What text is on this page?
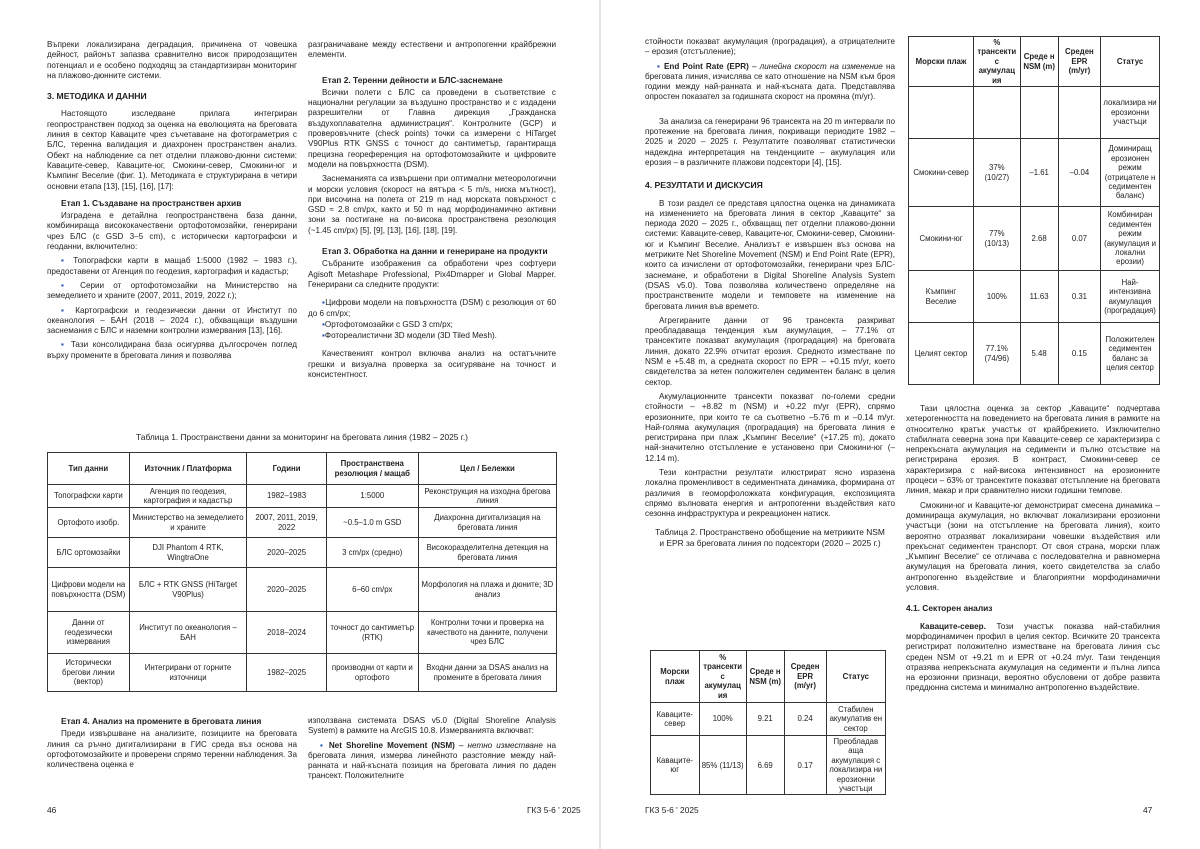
Въпреки локализирана деградация, причинена от човешка дейност, районът запазва сравнително висок природозащитен потенциал и е особено подходящ за стандартизиран мониторинг на плажово-дюнните системи.

3. МЕТОДИКА И ДАННИ

Настоящото изследване прилага интегриран геопространствен подход за оценка на еволюцията на бреговата линия в сектор Каваците чрез съчетаване на фотограметрия с БЛС, теренна валидация и диахронен пространствен анализ. Обект на наблюдение са пет отделни плажово-дюнни системи: Каваците-север, Каваците-юг, Смокини-север, Смокини-юг и Къмпинг Веселие (фиг. 1). Методиката е структурирана в четири основни етапа [13], [15], [16], [17]:

Етап 1. Създаване на пространствен архив

Изградена е детайлна геопространствена база данни, комбинираща висококачествени ортофотомозайки, генерирани чрез БЛС (с GSD 3–5 cm), с исторически картографски и геоданни, включително:

▪ Топографски карти в мащаб 1:5000 (1982 – 1983 г.), предоставени от Агенция по геодезия, картография и кадастър;

▪ Серии от ортофотомозайки на Министерство на земеделието и храните (2007, 2011, 2019, 2022 г.);

▪ Картографски и геодезически данни от Институт по океанология – БАН (2018 – 2024 г.), обхващащи въздушни заснемания с БЛС и наземни контролни измервания [13], [16].

▪ Тази консолидирана база осигурява дългосрочен поглед върху промените в бреговата линия и позволява

разграничаване между естествени и антропогенни крайбрежни елементи.

Етап 2. Теренни дейности и БЛС-заснемане

Всички полети с БЛС са проведени в съответствие с национални регулации за въздушно пространство и с издадени разрешителни от Главна дирекция „Гражданска въздухоплавателна администрация“. Контролните (GCP) и проверовъчните (check points) точки са измерени с HiTarget V90Plus RTK GNSS с точност до сантиметър, гарантираща прецизна геореференция на ортофотомозайките и цифровите модели на повърхността (DSM).

Заснеманията са извършени при оптимални метеорологични и морски условия (скорост на вятъра < 5 m/s, ниска мътност), при височина на полета от 219 m над морската повърхност с GSD ≈ 2.8 cm/px, както и 50 m над морфодинамично активни зони за постигане на по-висока пространствена резолюция (~1.45 cm/px) [5], [9], [13], [16], [18], [19].

Етап 3. Обработка на данни и генериране на продукти

Събраните изображения са обработени чрез софтуери Agisoft Metashape Professional, Pix4Dmapper и Global Mapper. Генерирани са следните продукти:

▪Цифрови модели на повърхността (DSM) с резолюция от 60 до 6 cm/px;

▪Ортофотомозайки с GSD 3 cm/px;

▪Фотореалистични 3D модели (3D Tiled Mesh).

Качественият контрол включва анализ на остатъчните грешки и визуална проверка за осигуряване на точност и консистентност.

Таблица 1. Пространствени данни за мониторинг на бреговата линия (1982 – 2025 г.)
Тип данни	Източник / Платформа	Години	Пространствена резолюция / мащаб	Цел / Бележки
Топографски карти	Агенция по геодезия, картография и кадастър	1982–1983	1:5000	Реконструкция на изходна брегова линия
Ортофото изобр.	Министерство на земеделието и храните	2007, 2011, 2019, 2022	~0.5–1.0 m GSD	Диахронна дигитализация на бреговата линия
БЛС ортомозайки	DJI Phantom 4 RTK, WingtraOne	2020–2025	3 cm/px (средно)	Високоразделителна детекция на бреговата линия
Цифрови модели на повърхността (DSM)	БЛС + RTK GNSS (HiTarget V90Plus)	2020–2025	6–60 cm/px	Морфология на плажа и дюните; 3D анализ
Данни от геодезически измервания	Институт по океанология – БАН	2018–2024	точност до сантиметър (RTK)	Контролни точки и проверка на качеството на данните, получени чрез БЛС
Исторически брегови линии (вектор)	Интегрирани от горните източници	1982–2025	производни от карти и ортофото	Входни данни за DSAS анализ на промените в бреговата линия
Етап 4. Анализ на промените в бреговата линия

Преди извършване на анализите, позициите на бреговата линия са ръчно дигитализирани в ГИС среда въз основа на ортофотомозайките и проверени спрямо теренни наблюдения. За количествена оценка е

използвана системата DSAS v5.0 (Digital Shoreline Analysis System) в рамките на ArcGIS 10.8. Измерванията включват:

▪ Net Shoreline Movement (NSM) – нетно изместване на бреговата линия, измерва линейното разстояние между най-ранната и най-късната позиция на бреговата линия по даден трансект. Положителните

46	ГКЗ 5-6 ' 2025

стойности показват акумулация (проградация), а отрицателните – ерозия (отстъпление);

▪ End Point Rate (EPR) – линейна скорост на изменение на бреговата линия, изчислява се като отношение на NSM към броя години между най-ранната и най-късната дата. Представлява опростен показател за годишната скорост на промяна (m/yr).

За анализа са генерирани 96 трансекта на 20 m интервали по протежение на бреговата линия, покриващи периодите 1982 – 2025 и 2020 – 2025 г. Резултатите позволяват статистически надеждна интерпретация на тенденциите – акумулация или ерозия – в различните плажови подсектори [4], [15].

4. РЕЗУЛТАТИ И ДИСКУСИЯ

В този раздел се представя цялостна оценка на динамиката на изменението на бреговата линия в сектор „Каваците“ за периода 2020 – 2025 г., обхващащ пет отделни плажово-дюнни системи: Каваците-север, Каваците-юг, Смокини-север, Смокини-юг и Къмпинг Веселие. Анализът е извършен въз основа на метриките Net Shoreline Movement (NSM) и End Point Rate (EPR), които са изчислени от ортофотомозайки, генерирани чрез БЛС-заснемане, и обработени в Digital Shoreline Analysis System (DSAS v5.0). Това позволява количествено определяне на пространствените модели и темповете на изменение на бреговата линия във времето.

Агрегираните данни от 96 трансекта разкриват преобладаваща тенденция към акумулация, – 77.1% от трансектите показват акумулация (проградация) на бреговата линия, докато 22.9% отчитат ерозия. Средното изместване по NSM е +5.48 m, а средната скорост по EPR – +0.15 m/yr, което свидетелства за нетен положителен седиментен баланс в целия сектор.

Акумулационните трансекти показват по-големи средни стойности – +8.82 m (NSM) и +0.22 m/yr (EPR), спрямо ерозионните, при които те са съответно –5.76 m и –0.14 m/yr. Най-голяма акумулация (проградация) на бреговата линия е регистрирана при плаж „Къмпинг Веселие“ (+17.25 m), докато най-значително отстъпление е установено при Смокини-юг (–12.14 m).

Тези контрастни резултати илюстрират ясно изразена локална променливост в седиментната динамика, формирана от различия в геоморфоложката конфигурация, експозицията спрямо вълновата енергия и антропогенни въздействия като сезонна инфраструктура и рекреационен натиск.

Таблица 2. Пространствено обобщение на метриките NSM и EPR за бреговата линия по подсектори (2020 – 2025 г.)
Морски плаж	% трансекти с акумулац ия	Среде н NSM (m)	Среден EPR (m/yr)	Статус
Каваците-север	100%	9.21	0.24	Стабилен акумулатив ен сектор
Каваците-юг	85% (11/13)	6.69	0.17	Преобладав аща акумулация с локализира ни ерозионни участъци
Морски плаж	% трансекти с акумулац ия	Среде н NSM (m)	Среден EPR (m/yr)	Статус
				локализира ни ерозионни участъци
Смокини-север	37% (10/27)	–1.61	–0.04	Доминиращ ерозионен режим (отрицателе н седиментен баланс)
Смокини-юг	77% (10/13)	2.68	0.07	Комбиниран седиментен режим (акумулация и локални ерозии)
Къмпинг Веселие	100%	11.63	0.31	Най-интензивна акумулация (проградация)
Целият сектор	77.1% (74/96)	5.48	0.15	Положителен седиментен баланс за целия сектор

Тази цялостна оценка за сектор „Каваците“ подчертава хетерогенността на поведението на бреговата линия в рамките на относително кратък участък от крайбрежието. Изключително стабилната северна зона при Каваците-север се характеризира с непрекъсната акумулация на седименти и пълно отсъствие на регистрирана ерозия. В контраст, Смокини-север се характеризира с най-висока интензивност на ерозионните процеси – 63% от трансектите показват отстъпление на бреговата линия, макар и при сравнително ниски годишни темпове.

Смокини-юг и Каваците-юг демонстрират смесена динамика – доминираща акумулация, но включват локализирани ерозионни участъци (зони на отстъпление на бреговата линия), които вероятно отразяват локализирани човешки въздействия или прекъснат седиментен транспорт. От своя страна, морски плаж „Къмпинг Веселие“ се отличава с последователна и равномерна акумулация на бреговата линия, което свидетелства за слабо антропогенно въздействие и благоприятни морфодинамични условия.

4.1. Секторен анализ

Каваците-север. Този участък показва най-стабилния морфодинамичен профил в целия сектор. Всичките 20 трансекта регистрират положително изместване на бреговата линия със среден NSM от +9.21 m и EPR от +0.24 m/yr. Тази тенденция отразява непрекъсната акумулация на седименти и пълна липса на ерозионни признаци, вероятно обусловени от добре развита преддюнна система и минимално антропогенно въздействие.

ГКЗ 5-6 ' 2025	47
